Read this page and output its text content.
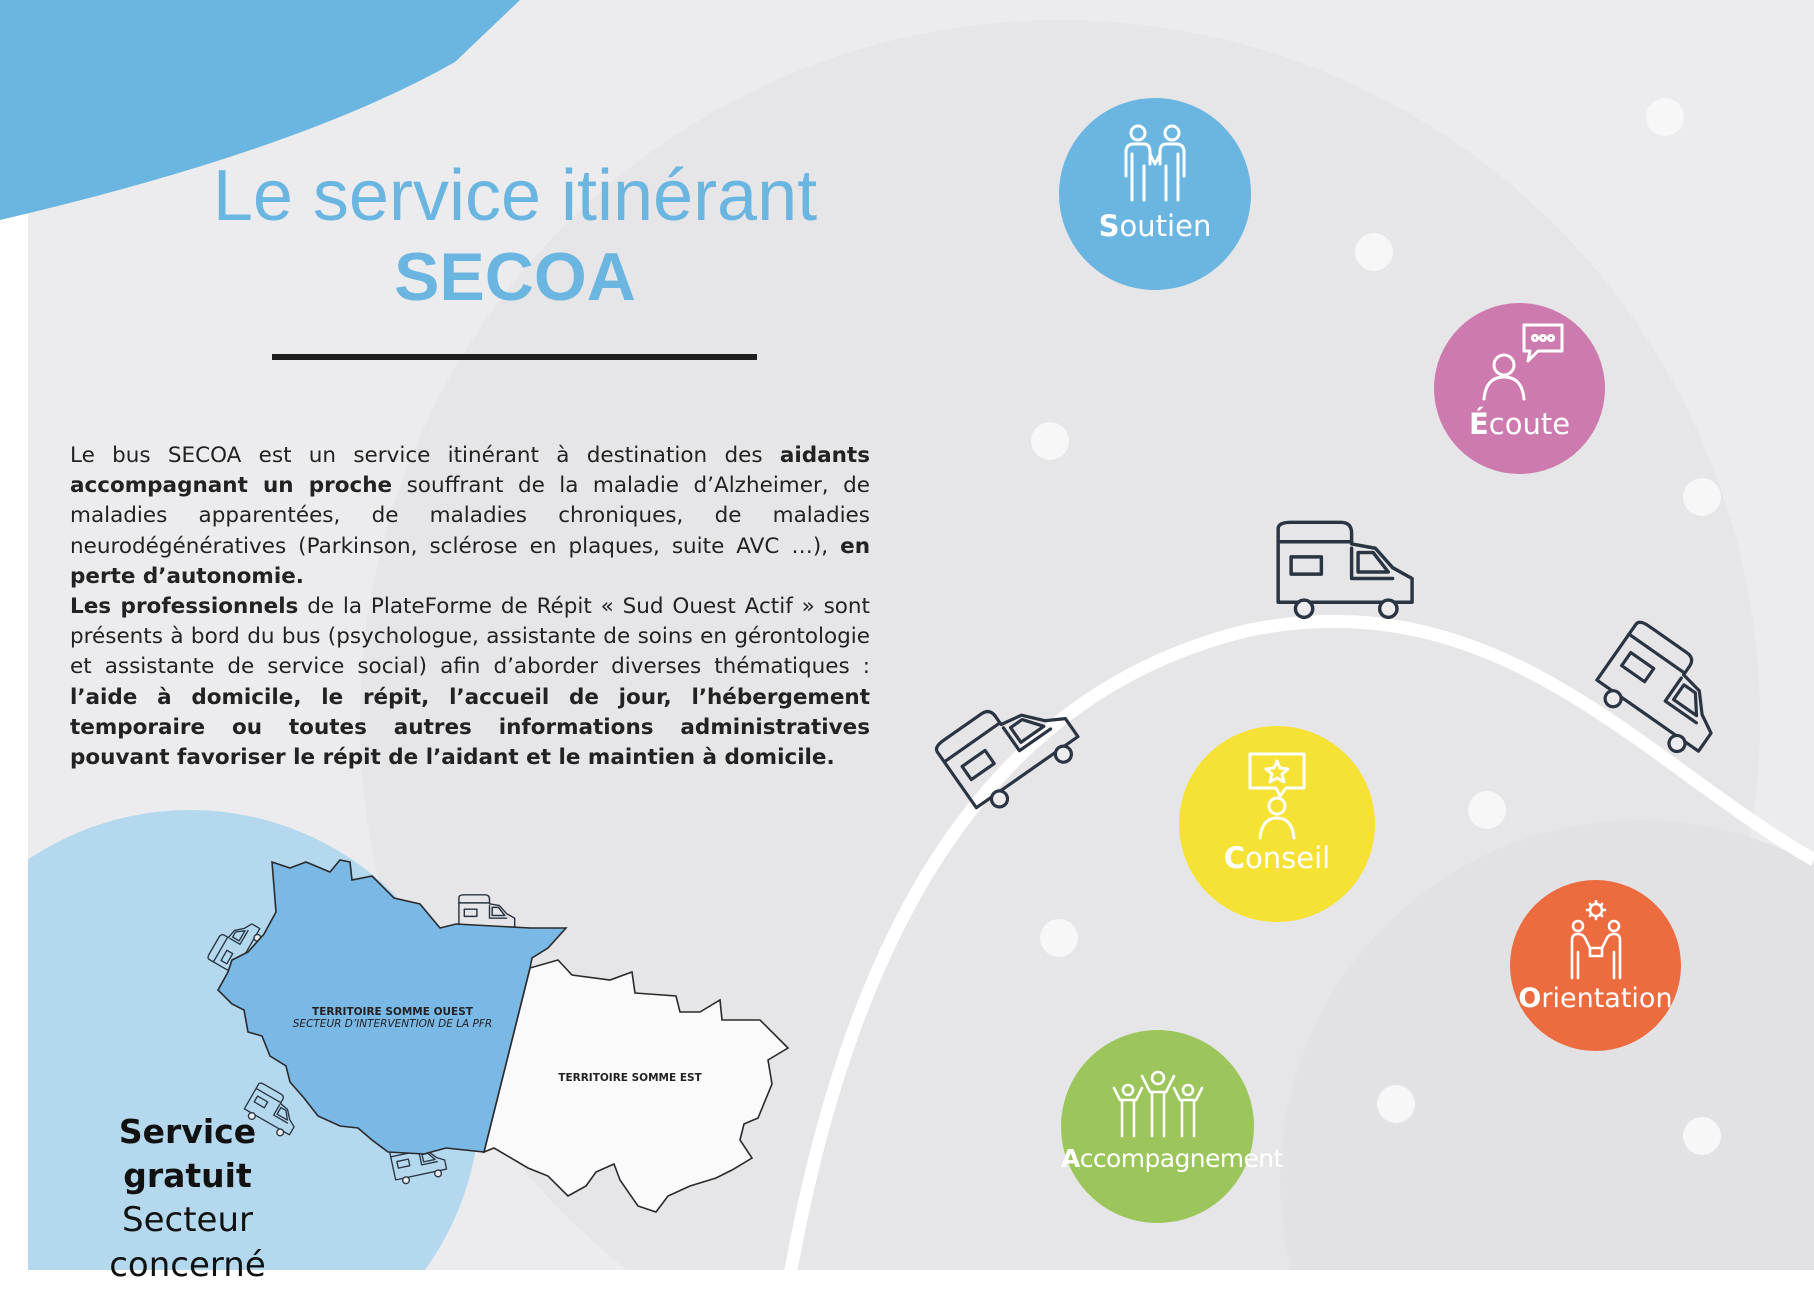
Le service itinérant
SECOA
Le bus SECOA est un service itinérant à destination des aidants accompagnant un proche souffrant de la maladie d’Alzheimer, de maladies apparentées, de maladies chroniques, de maladies neurodégénératives (Parkinson, sclérose en plaques, suite AVC …), en perte d’autonomie.
Les professionnels de la PlateForme de Répit « Sud Ouest Actif » sont présents à bord du bus (psychologue, assistante de soins en gérontologie et assistante de service social) afin d’aborder diverses thématiques : l’aide à domicile, le répit, l’accueil de jour, l’hébergement temporaire ou toutes autres informations administratives pouvant favoriser le répit de l’aidant et le maintien à domicile.
TERRITOIRE SOMME OUEST
SECTEUR D’INTERVENTION DE LA PFR
TERRITOIRE SOMME EST
Service gratuit
Secteur
concerné
Soutien
Écoute
Conseil
Orientation
Accompagnement
